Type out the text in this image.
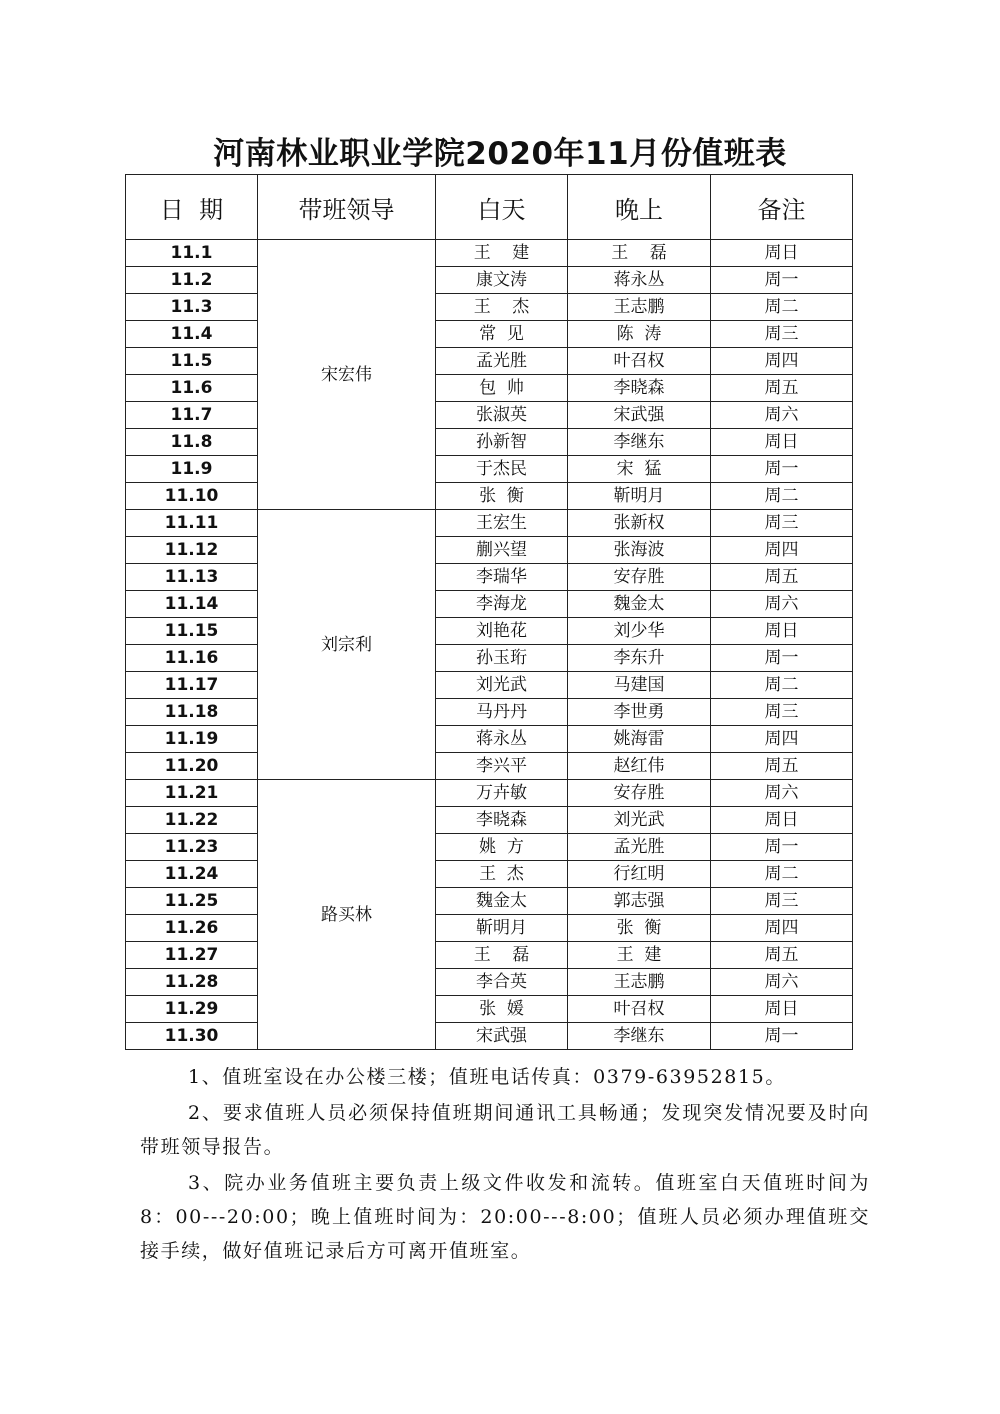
河南林业职业学院2020年11月份值班表
日  期	带班领导	白天	晚上	备注
11.1	宋宏伟	王    建	王    磊	周日
11.2		康文涛	蒋永丛	周一
11.3		王    杰	王志鹏	周二
11.4		常  见	陈  涛	周三
11.5		孟光胜	叶召权	周四
11.6		包  帅	李晓森	周五
11.7		张淑英	宋武强	周六
11.8		孙新智	李继东	周日
11.9		于杰民	宋  猛	周一
11.10		张  衡	靳明月	周二
11.11	刘宗利	王宏生	张新权	周三
11.12		蒯兴望	张海波	周四
11.13		李瑞华	安存胜	周五
11.14		李海龙	魏金太	周六
11.15		刘艳花	刘少华	周日
11.16		孙玉珩	李东升	周一
11.17		刘光武	马建国	周二
11.18		马丹丹	李世勇	周三
11.19		蒋永丛	姚海雷	周四
11.20		李兴平	赵红伟	周五
11.21	路买林	万卉敏	安存胜	周六
11.22		李晓森	刘光武	周日
11.23		姚  方	孟光胜	周一
11.24		王  杰	行红明	周二
11.25		魏金太	郭志强	周三
11.26		靳明月	张  衡	周四
11.27		王    磊	王  建	周五
11.28		李合英	王志鹏	周六
11.29		张  媛	叶召权	周日
11.30		宋武强	李继东	周一

1、值班室设在办公楼三楼；值班电话传真：0379-63952815。

2、要求值班人员必须保持值班期间通讯工具畅通；发现突发情况要及时向带班领导报告。

3、院办业务值班主要负责上级文件收发和流转。值班室白天值班时间为 8：00---20:00；晚上值班时间为：20:00---8:00；值班人员必须办理值班交接手续，做好值班记录后方可离开值班室。
